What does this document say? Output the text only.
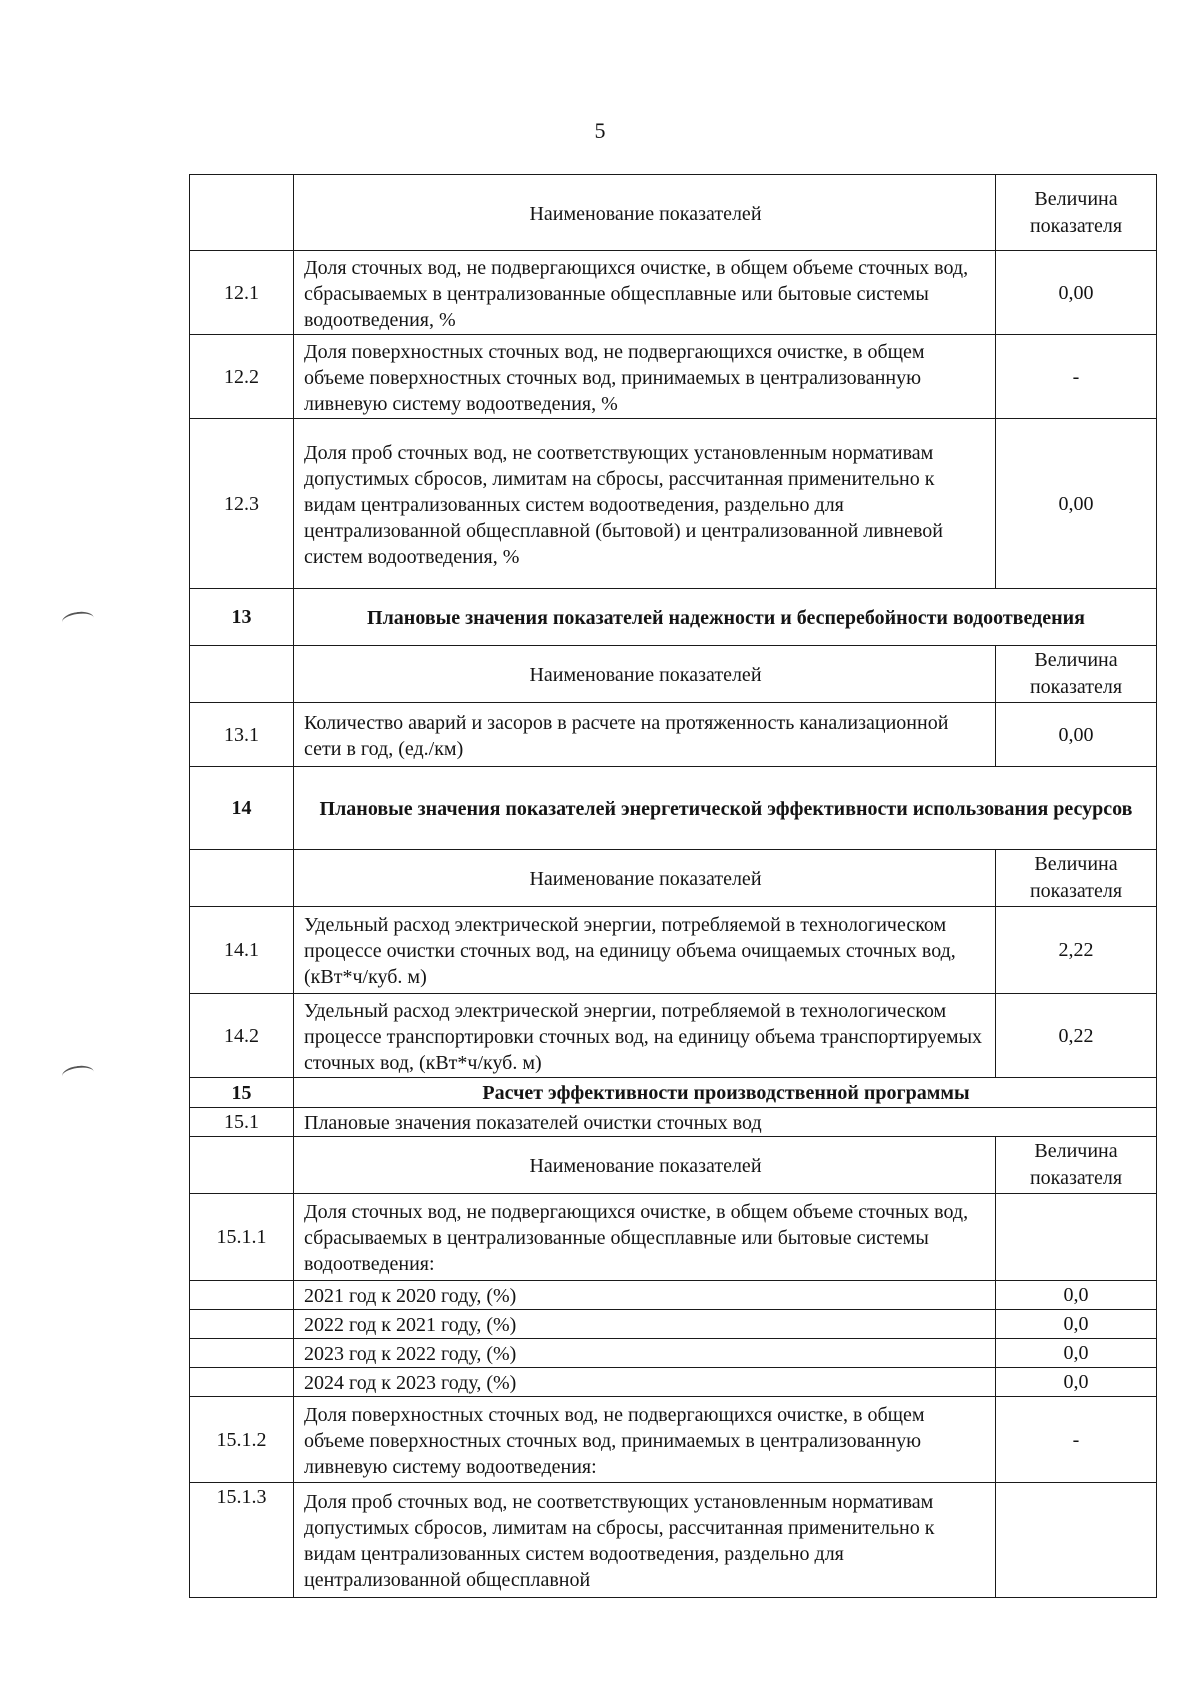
5
	Наименование показателей	Величина показателя
12.1	Доля сточных вод, не подвергающихся очистке, в общем объеме сточных вод, сбрасываемых в централизованные общесплавные или бытовые системы водоотведения, %	0,00
12.2	Доля поверхностных сточных вод, не подвергающихся очистке, в общем объеме поверхностных сточных вод, принимаемых в централизованную ливневую систему водоотведения, %	-
12.3	Доля проб сточных вод, не соответствующих установленным нормативам допустимых сбросов, лимитам на сбросы, рассчитанная применительно к видам централизованных систем водоотведения, раздельно для централизованной общесплавной (бытовой) и централизованной ливневой систем водоотведения, %	0,00
13	Плановые значения показателей надежности и бесперебойности водоотведения	
	Наименование показателей	Величина показателя
13.1	Количество аварий и засоров в расчете на протяженность канализационной сети в год, (ед./км)	0,00
14	Плановые значения показателей энергетической эффективности использования ресурсов	
	Наименование показателей	Величина показателя
14.1	Удельный расход электрической энергии, потребляемой в технологическом процессе очистки сточных вод, на единицу объема очищаемых сточных вод, (кВт*ч/куб. м)	2,22
14.2	Удельный расход электрической энергии, потребляемой в технологическом процессе транспортировки сточных вод, на единицу объема транспортируемых сточных вод, (кВт*ч/куб. м)	0,22
15	Расчет эффективности производственной программы	
15.1	Плановые значения показателей очистки сточных вод	
	Наименование показателей	Величина показателя
15.1.1	Доля сточных вод, не подвергающихся очистке, в общем объеме сточных вод, сбрасываемых в централизованные общесплавные или бытовые системы водоотведения:	
	2021 год к 2020 году, (%)	0,0
	2022 год к 2021 году, (%)	0,0
	2023 год к 2022 году, (%)	0,0
	2024 год к 2023 году, (%)	0,0
15.1.2	Доля поверхностных сточных вод, не подвергающихся очистке, в общем объеме поверхностных сточных вод, принимаемых в централизованную ливневую систему водоотведения:	-
15.1.3	Доля проб сточных вод, не соответствующих установленным нормативам допустимых сбросов, лимитам на сбросы, рассчитанная применительно к видам централизованных систем водоотведения, раздельно для централизованной общесплавной	
